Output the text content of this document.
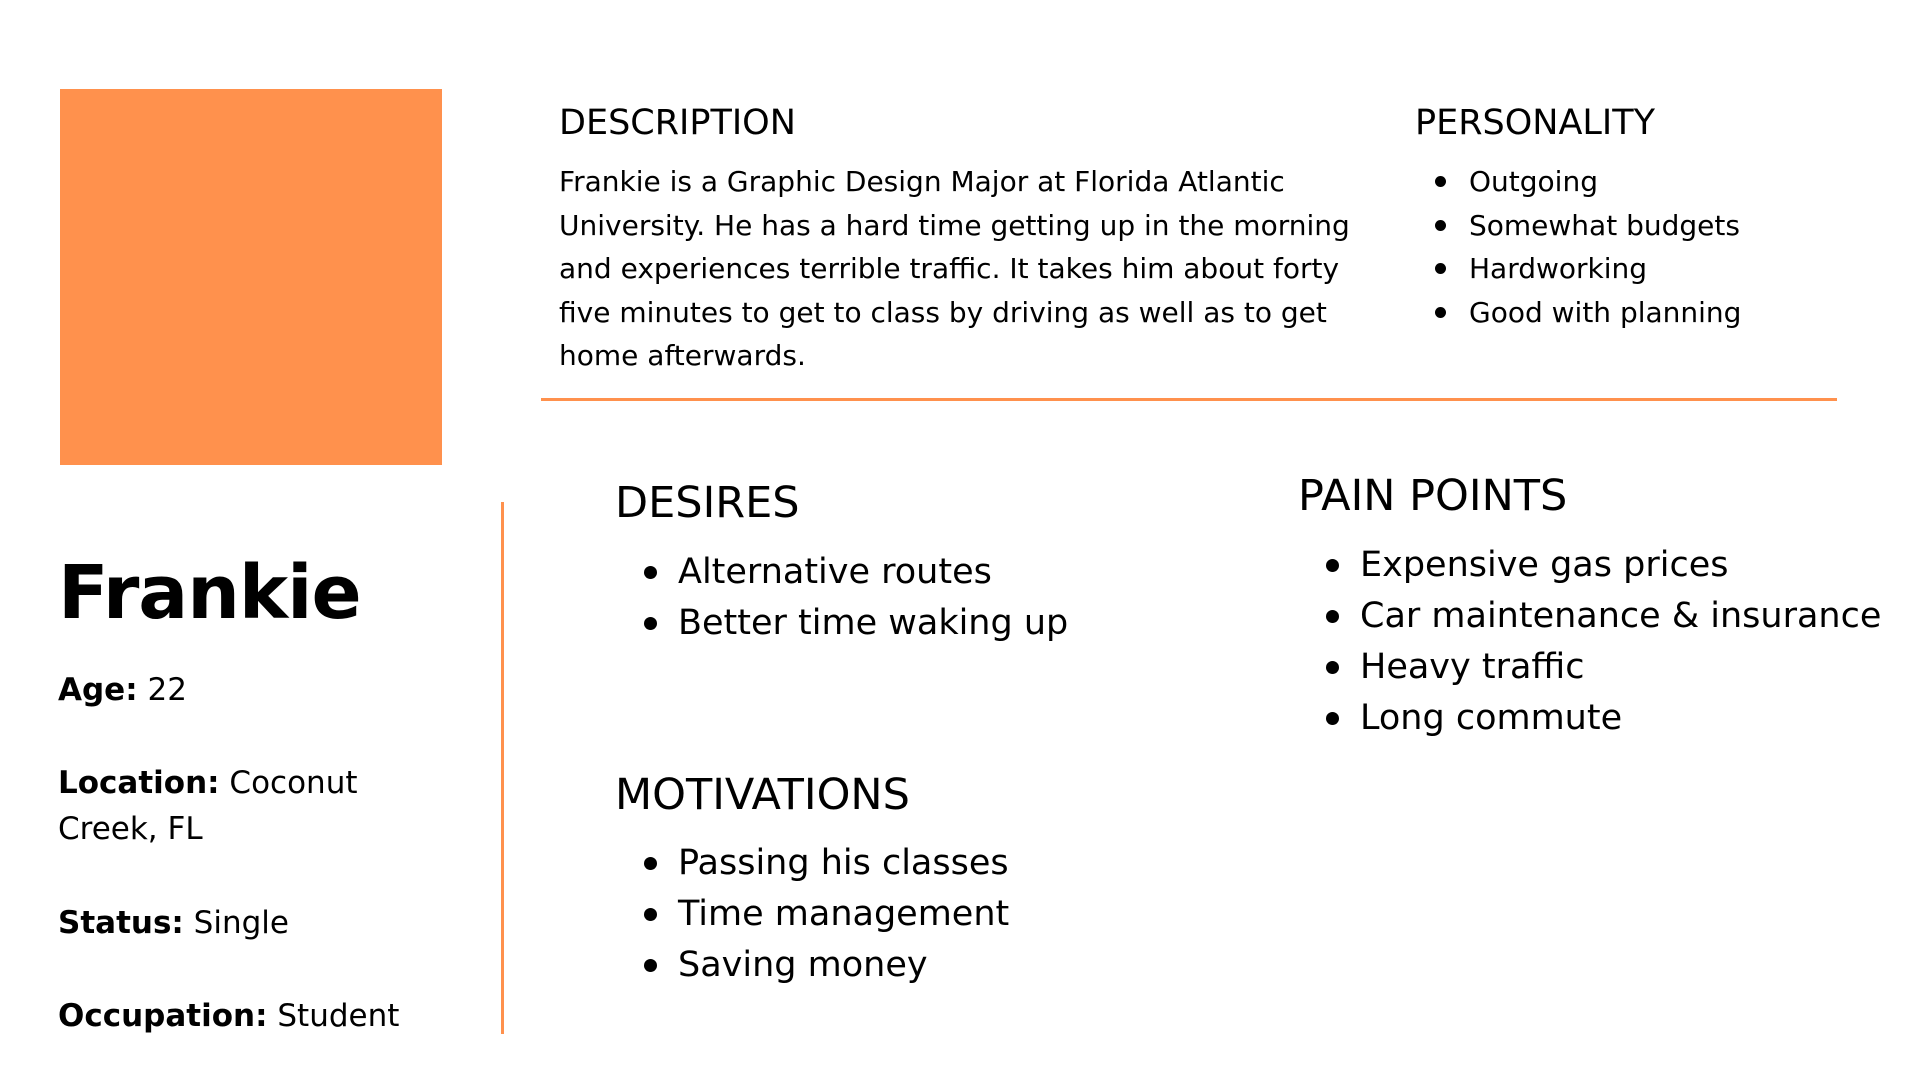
Frankie
Age: 22
Location: Coconut Creek, FL
Status: Single
Occupation: Student
DESCRIPTION

Frankie is a Graphic Design Major at Florida Atlantic University. He has a hard time getting up in the morning and experiences terrible traffic. It takes him about forty five minutes to get to class by driving as well as to get home afterwards.

PERSONALITY
Outgoing
Somewhat budgets
Hardworking
Good with planning
DESIRES
Alternative routes
Better time waking up
PAIN POINTS
Expensive gas prices
Car maintenance & insurance
Heavy traffic
Long commute
MOTIVATIONS
Passing his classes
Time management
Saving money
